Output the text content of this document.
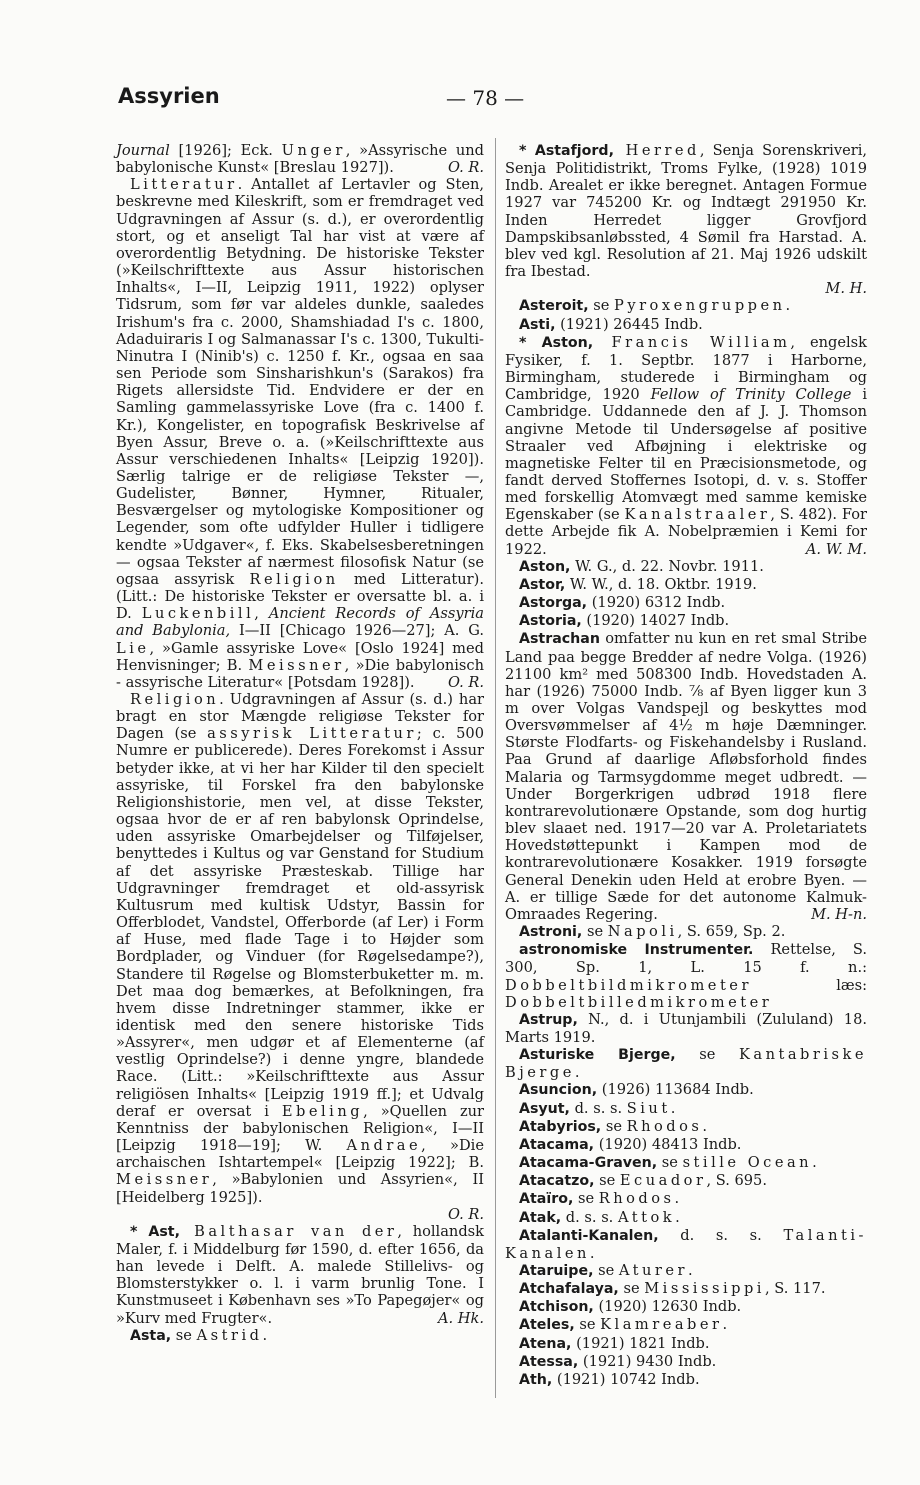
Assyrien	— 78 —

Journal [1926]; Eck. Unger, »Assyrische und babylonische Kunst« [Breslau 1927]).	O. R.

Litteratur. Antallet af Lertavler og Sten, beskrevne med Kileskrift, som er fremdraget ved Udgravningen af Assur (s. d.), er overordentlig stort, og et anseligt Tal har vist at være af overordentlig Betydning. De historiske Tekster (»Keilschrifttexte aus Assur historischen Inhalts«, I—II, Leipzig 1911, 1922) oplyser Tidsrum, som før var aldeles dunkle, saaledes Irishum's fra c. 2000, Shamshiadad I's c. 1800, Adaduiraris I og Salmanassar I's c. 1300, Tukulti-Ninutra I (Ninib's) c. 1250 f. Kr., ogsaa en saa sen Periode som Sinsharishkun's (Sarakos) fra Rigets allersidste Tid. Endvidere er der en Samling gammelassyriske Love (fra c. 1400 f. Kr.), Kongelister, en topografisk Beskrivelse af Byen Assur, Breve o. a. (»Keilschrifttexte aus Assur verschiedenen Inhalts« [Leipzig 1920]). Særlig talrige er de religiøse Tekster —, Gudelister, Bønner, Hymner, Ritualer, Besværgelser og mytologiske Kompositioner og Legender, som ofte udfylder Huller i tidligere kendte »Udgaver«, f. Eks. Skabelsesberetningen — ogsaa Tekster af nærmest filosofisk Natur (se ogsaa assyrisk Religion med Litteratur). (Litt.: De historiske Tekster er oversatte bl. a. i D. Luckenbill, Ancient Records of Assyria and Babylonia, I—II [Chicago 1926—27]; A. G. Lie, »Gamle assyriske Love« [Oslo 1924] med Henvisninger; B. Meissner, »Die babylonisch - assyrische Literatur« [Potsdam 1928]).	O. R.

Religion. Udgravningen af Assur (s. d.) har bragt en stor Mængde religiøse Tekster for Dagen (se assyrisk Litteratur; c. 500 Numre er publicerede). Deres Forekomst i Assur betyder ikke, at vi her har Kilder til den specielt assyriske, til Forskel fra den babylonske Religionshistorie, men vel, at disse Tekster, ogsaa hvor de er af ren babylonsk Oprindelse, uden assyriske Omarbejdelser og Tilføjelser, benyttedes i Kultus og var Genstand for Studium af det assyriske Præsteskab. Tillige har Udgravninger fremdraget et old-assyrisk Kultusrum med kultisk Udstyr, Bassin for Offerblodet, Vandstel, Offerborde (af Ler) i Form af Huse, med flade Tage i to Højder som Bordplader, og Vinduer (for Røgelsedampe?), Standere til Røgelse og Blomsterbuketter m. m. Det maa dog bemærkes, at Befolkningen, fra hvem disse Indretninger stammer, ikke er identisk med den senere historiske Tids »Assyrer«, men udgør et af Elementerne (af vestlig Oprindelse?) i denne yngre, blandede Race. (Litt.: »Keilschrifttexte aus Assur religiösen Inhalts« [Leipzig 1919 ff.]; et Udvalg deraf er oversat i Ebeling, »Quellen zur Kenntniss der babylonischen Religion«, I—II [Leipzig 1918—19]; W. Andrae, »Die archaischen Ishtartempel« [Leipzig 1922]; B. Meissner, »Babylonien und Assyrien«, II [Heidelberg 1925]).
O. R.

* Ast, Balthasar van der, hollandsk Maler, f. i Middelburg før 1590, d. efter 1656, da han levede i Delft. A. malede Stillelivs- og Blomsterstykker o. l. i varm brunlig Tone. I Kunstmuseet i København ses »To Papegøjer« og »Kurv med Frugter«.	A. Hk.

Asta, se Astrid.

* Astafjord, Herred, Senja Sorenskriveri, Senja Politidistrikt, Troms Fylke, (1928) 1019 Indb. Arealet er ikke beregnet. Antagen Formue 1927 var 745200 Kr. og Indtægt 291950 Kr. Inden Herredet ligger Grovfjord Dampskibsanløbssted, 4 Sømil fra Harstad. A. blev ved kgl. Resolution af 21. Maj 1926 udskilt fra Ibestad.
M. H.

Asteroit, se Pyroxengruppen.

Asti, (1921) 26445 Indb.

* Aston, Francis William, engelsk Fysiker, f. 1. Septbr. 1877 i Harborne, Birmingham, studerede i Birmingham og Cambridge, 1920 Fellow of Trinity College i Cambridge. Uddannede den af J. J. Thomson angivne Metode til Undersøgelse af positive Straaler ved Afbøjning i elektriske og magnetiske Felter til en Præcisionsmetode, og fandt derved Stoffernes Isotopi, d. v. s. Stoffer med forskellig Atomvægt med samme kemiske Egenskaber (se Kanalstraaler, S. 482). For dette Arbejde fik A. Nobelpræmien i Kemi for 1922.	A. W. M.

Aston, W. G., d. 22. Novbr. 1911.

Astor, W. W., d. 18. Oktbr. 1919.

Astorga, (1920) 6312 Indb.

Astoria, (1920) 14027 Indb.

Astrachan omfatter nu kun en ret smal Stribe Land paa begge Bredder af nedre Volga. (1926) 21100 km² med 508300 Indb. Hovedstaden A. har (1926) 75000 Indb. ⅞ af Byen ligger kun 3 m over Volgas Vandspejl og beskyttes mod Oversvømmelser af 4½ m høje Dæmninger. Største Flodfarts- og Fiskehandelsby i Rusland. Paa Grund af daarlige Afløbsforhold findes Malaria og Tarmsygdomme meget udbredt. — Under Borgerkrigen udbrød 1918 flere kontrarevolutionære Opstande, som dog hurtig blev slaaet ned. 1917—20 var A. Proletariatets Hovedstøttepunkt i Kampen mod de kontrarevolutionære Kosakker. 1919 forsøgte General Denekin uden Held at erobre Byen. — A. er tillige Sæde for det autonome Kalmuk-Omraades Regering.	M. H-n.

Astroni, se Napoli, S. 659, Sp. 2.

astronomiske Instrumenter. Rettelse, S. 300, Sp. 1, L. 15 f. n.: Dobbeltbildmikrometer læs: Dobbeltbilledmikrometer

Astrup, N., d. i Utunjambili (Zululand) 18. Marts 1919.

Asturiske Bjerge, se Kantabriske Bjerge.

Asuncion, (1926) 113684 Indb.

Asyut, d. s. s. Siut.

Atabyrios, se Rhodos.

Atacama, (1920) 48413 Indb.

Atacama-Graven, se stille Ocean.

Atacatzo, se Ecuador, S. 695.

Ataïro, se Rhodos.

Atak, d. s. s. Attok.

Atalanti-Kanalen, d. s. s. Talanti-Kanalen.

Ataruipe, se Aturer.

Atchafalaya, se Mississippi, S. 117.

Atchison, (1920) 12630 Indb.

Ateles, se Klamreaber.

Atena, (1921) 1821 Indb.

Atessa, (1921) 9430 Indb.

Ath, (1921) 10742 Indb.
